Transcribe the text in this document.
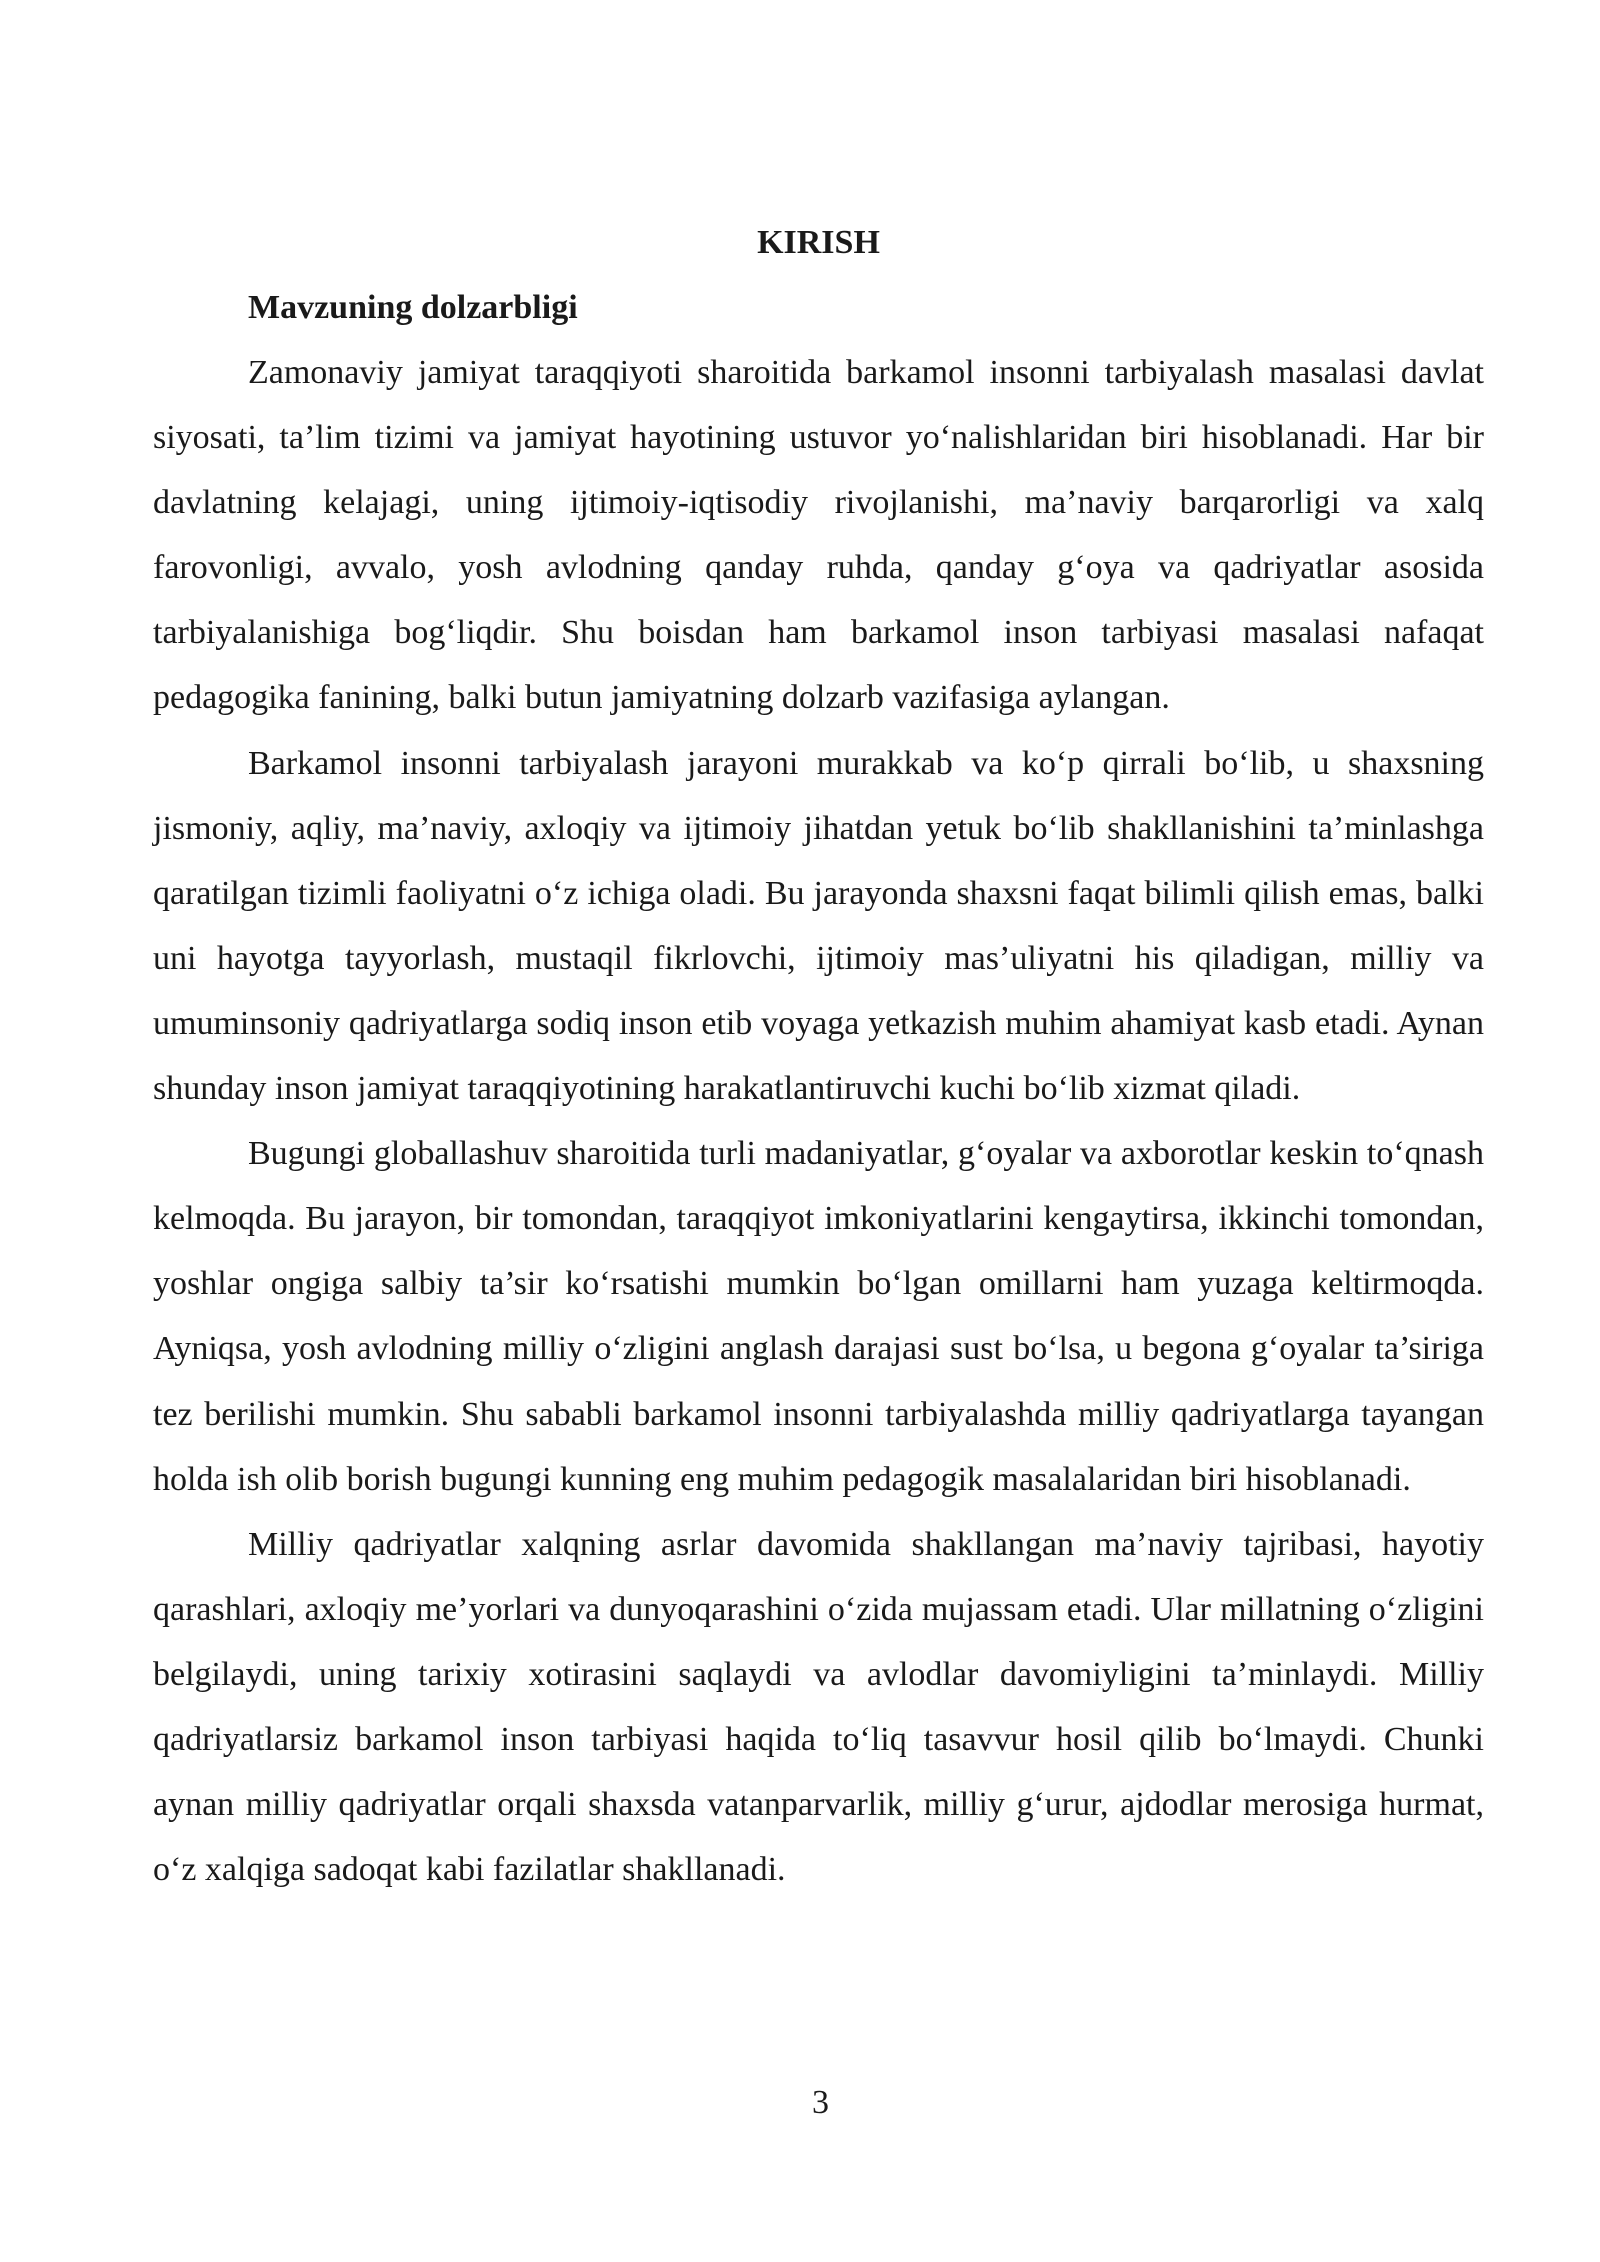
KIRISH
Mavzuning dolzarbligi

Zamonaviy jamiyat taraqqiyoti sharoitida barkamol insonni tarbiyalash masalasi davlat siyosati, ta’lim tizimi va jamiyat hayotining ustuvor yo‘nalishlaridan biri hisoblanadi. Har bir davlatning kelajagi, uning ijtimoiy-iqtisodiy rivojlanishi, ma’naviy barqarorligi va xalq farovonligi, avvalo, yosh avlodning qanday ruhda, qanday g‘oya va qadriyatlar asosida tarbiyalanishiga bog‘liqdir. Shu boisdan ham barkamol inson tarbiyasi masalasi nafaqat pedagogika fanining, balki butun jamiyatning dolzarb vazifasiga aylangan.

Barkamol insonni tarbiyalash jarayoni murakkab va ko‘p qirrali bo‘lib, u shaxsning jismoniy, aqliy, ma’naviy, axloqiy va ijtimoiy jihatdan yetuk bo‘lib shakllanishini ta’minlashga qaratilgan tizimli faoliyatni o‘z ichiga oladi. Bu jarayonda shaxsni faqat bilimli qilish emas, balki uni hayotga tayyorlash, mustaqil fikrlovchi, ijtimoiy mas’uliyatni his qiladigan, milliy va umuminsoniy qadriyatlarga sodiq inson etib voyaga yetkazish muhim ahamiyat kasb etadi. Aynan shunday inson jamiyat taraqqiyotining harakatlantiruvchi kuchi bo‘lib xizmat qiladi.

Bugungi globallashuv sharoitida turli madaniyatlar, g‘oyalar va axborotlar keskin to‘qnash kelmoqda. Bu jarayon, bir tomondan, taraqqiyot imkoniyatlarini kengaytirsa, ikkinchi tomondan, yoshlar ongiga salbiy ta’sir ko‘rsatishi mumkin bo‘lgan omillarni ham yuzaga keltirmoqda. Ayniqsa, yosh avlodning milliy o‘zligini anglash darajasi sust bo‘lsa, u begona g‘oyalar ta’siriga tez berilishi mumkin. Shu sababli barkamol insonni tarbiyalashda milliy qadriyatlarga tayangan holda ish olib borish bugungi kunning eng muhim pedagogik masalalaridan biri hisoblanadi.

Milliy qadriyatlar xalqning asrlar davomida shakllangan ma’naviy tajribasi, hayotiy qarashlari, axloqiy me’yorlari va dunyoqarashini o‘zida mujassam etadi. Ular millatning o‘zligini belgilaydi, uning tarixiy xotirasini saqlaydi va avlodlar davomiyligini ta’minlaydi. Milliy qadriyatlarsiz barkamol inson tarbiyasi haqida to‘liq tasavvur hosil qilib bo‘lmaydi. Chunki aynan milliy qadriyatlar orqali shaxsda vatanparvarlik, milliy g‘urur, ajdodlar merosiga hurmat, o‘z xalqiga sadoqat kabi fazilatlar shakllanadi.

3
